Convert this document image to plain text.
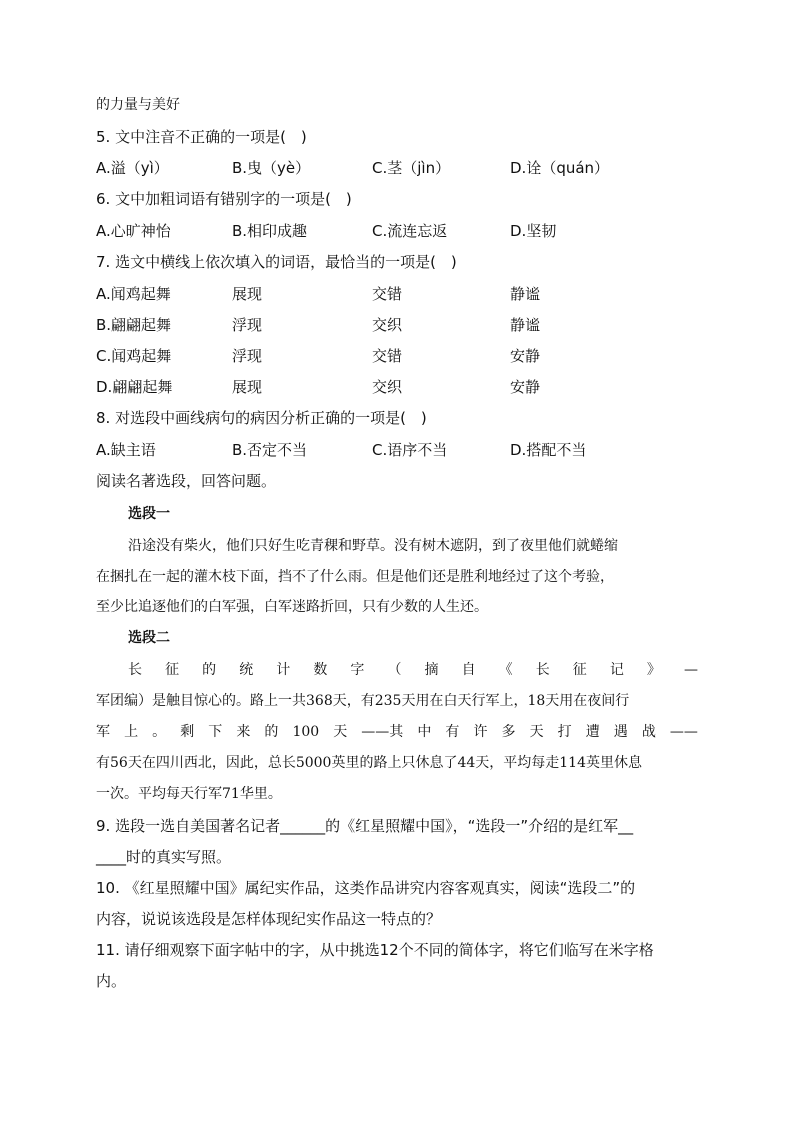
的力量与美好
5. 文中注音不正确的一项是(　)
A.溢（yì）	B.曳（yè）	C.茎（jìn）	D.诠（quán）
6. 文中加粗词语有错别字的一项是(　)
A.心旷神怡	B.相印成趣	C.流连忘返	D.坚韧
7. 选文中横线上依次填入的词语，最恰当的一项是(　)
A.闻鸡起舞	展现	交错	静谧
B.翩翩起舞	浮现	交织	静谧
C.闻鸡起舞	浮现	交错	安静
D.翩翩起舞	展现	交织	安静
8. 对选段中画线病句的病因分析正确的一项是(　)
A.缺主语	B.否定不当	C.语序不当	D.搭配不当
阅读名著选段，回答问题。
选段一
沿途没有柴火，他们只好生吃青稞和野草。没有树木遮阴，到了夜里他们就蜷缩
在捆扎在一起的灌木枝下面，挡不了什么雨。但是他们还是胜利地经过了这个考验，
至少比追逐他们的白军强，白军迷路折回，只有少数的人生还。
选段二
长 征 的 统 计 数 字 （ 摘 自 《 长 征 记 》 —
军团编）是触目惊心的。路上一共368天，有235天用在白天行军上，18天用在夜间行
军 上 。 剩 下 来 的 100 天 ——其 中 有 许 多 天 打 遭 遇 战 ——
有56天在四川西北，因此，总长5000英里的路上只休息了44天，平均每走114英里休息
一次。平均每天行军71华里。
9. 选段一选自美国著名记者______的《红星照耀中国》，“选段一”介绍的是红军__
____时的真实写照。
10. 《红星照耀中国》属纪实作品，这类作品讲究内容客观真实，阅读“选段二”的
内容，说说该选段是怎样体现纪实作品这一特点的？
11. 请仔细观察下面字帖中的字，从中挑选12个不同的简体字，将它们临写在米字格
内。
